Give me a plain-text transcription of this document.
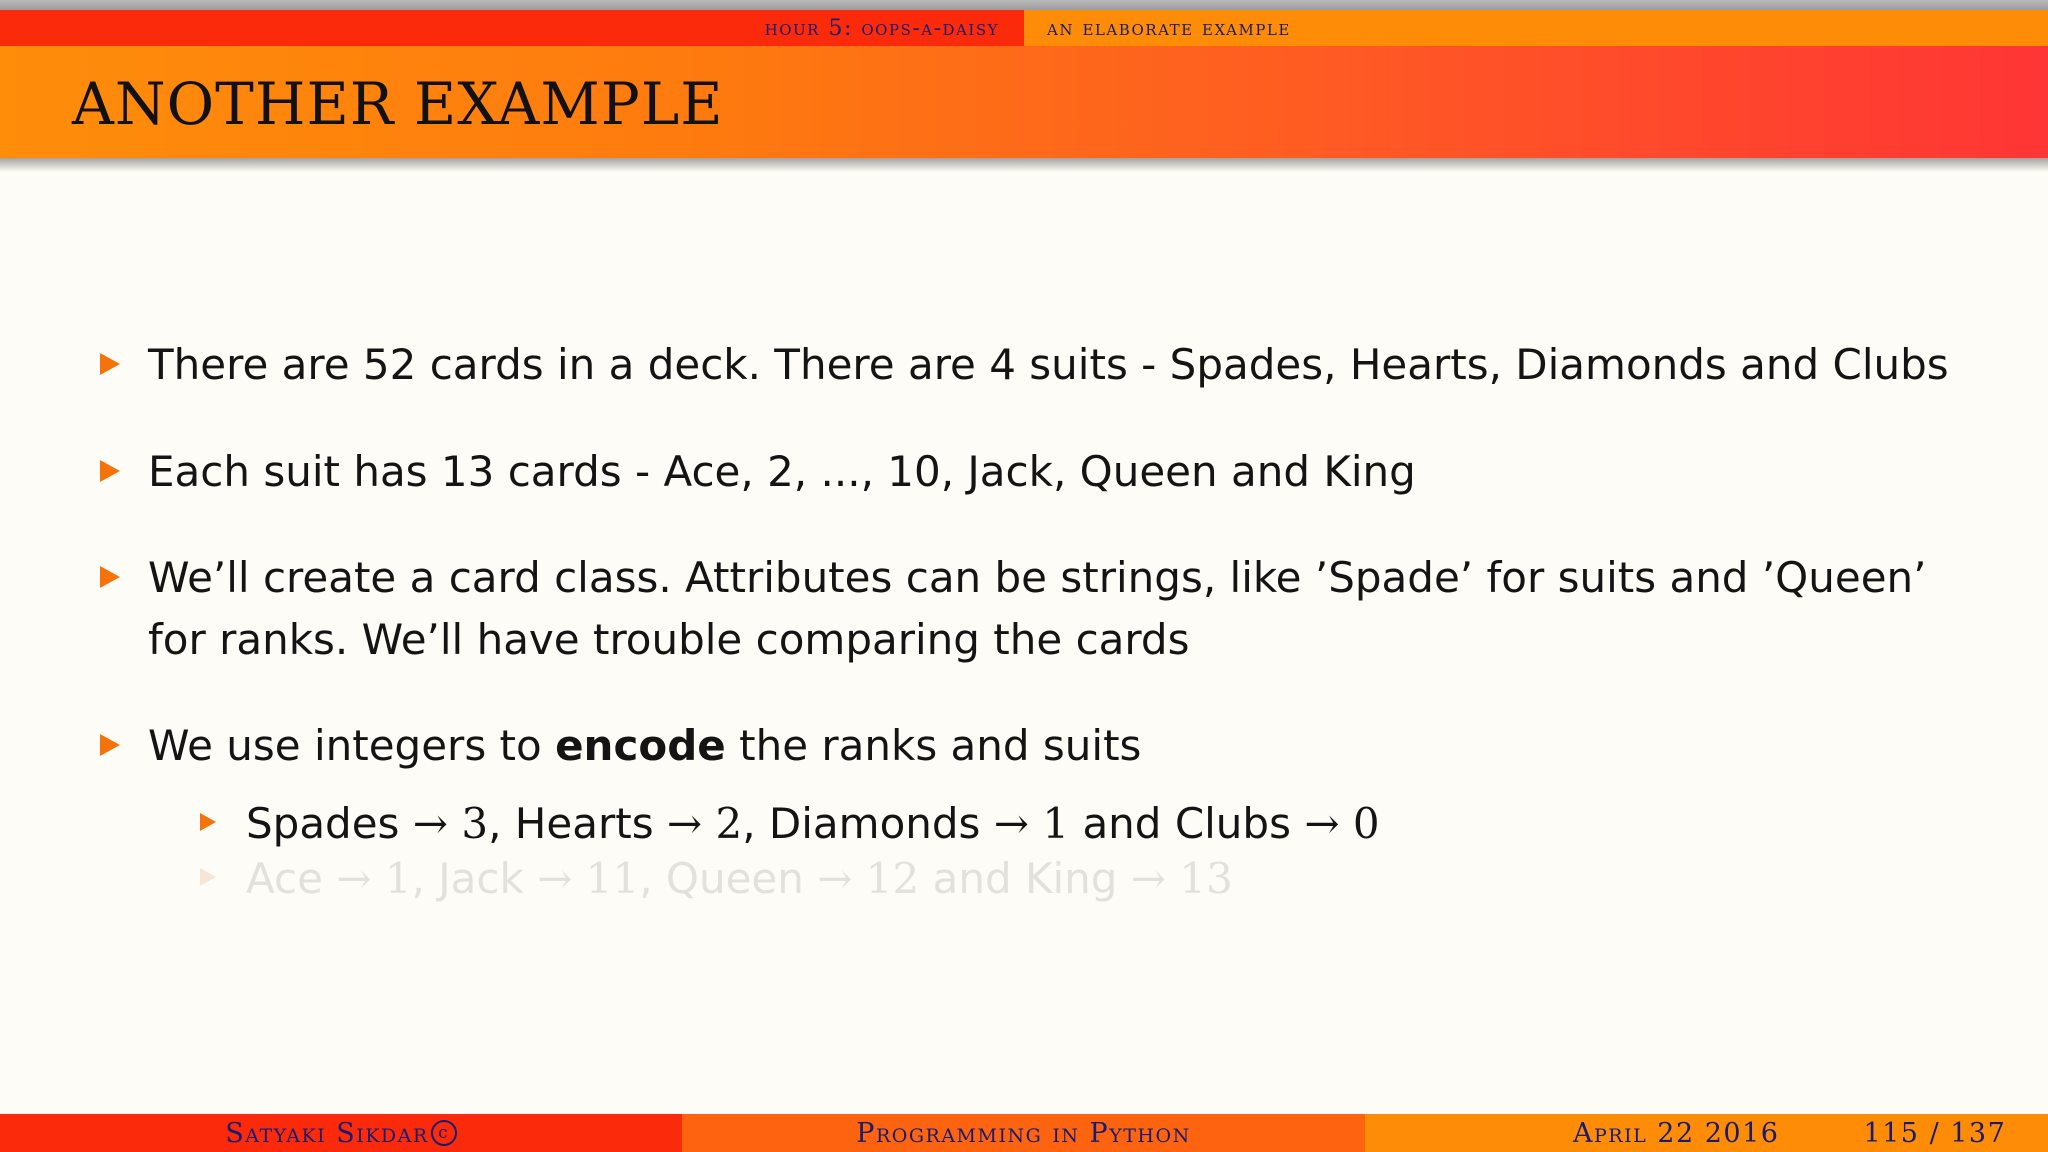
hour 5: oops-a-daisy an elaborate example
ANOTHER EXAMPLE
There are 52 cards in a deck. There are 4 suits - Spades, Hearts, Diamonds and Clubs
Each suit has 13 cards - Ace, 2, ..., 10, Jack, Queen and King
We’ll create a card class. Attributes can be strings, like ’Spade’ for suits and ’Queen’ for ranks. We’ll have trouble comparing the cards
We use integers to encode the ranks and suits
Spades → 3, Hearts → 2, Diamonds → 1 and Clubs → 0
Ace → 1, Jack → 11, Queen → 12 and King → 13
Satyaki Sikdar c	Programming in Python	April 22 2016	115 / 137
